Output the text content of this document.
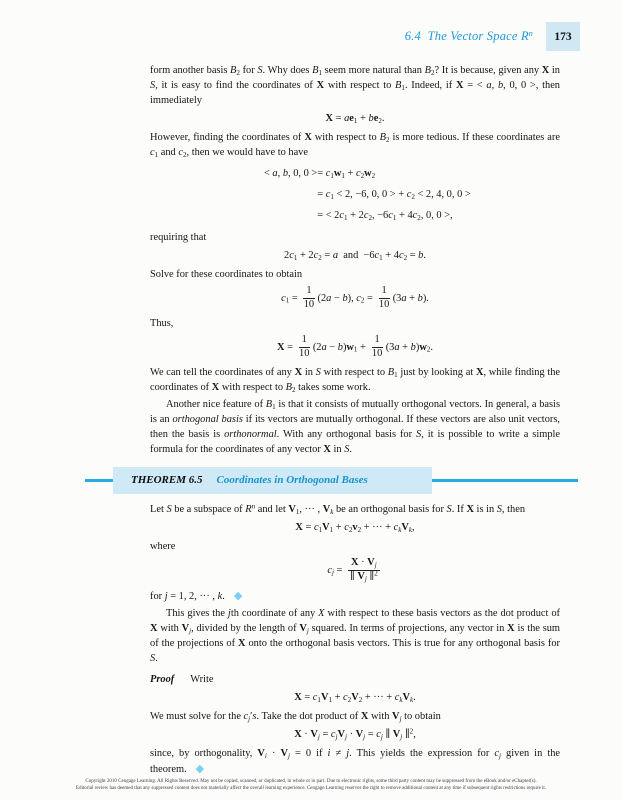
6.4  The Vector Space $R^n$	173

form another basis $B_2$ for S. Why does $B_1$ seem more natural than $B_2$? It is because, given any X in S, it is easy to find the coordinates of X with respect to $B_1$. Indeed, if X = < a, b, 0, 0 >, then immediately

$X = ae_1 + be_2$.

However, finding the coordinates of X with respect to $B_2$ is more tedious. If these coordinates are $c_1$ and $c_2$, then we would have to have

< a, b, 0, 0 > = $c_1w_1 + c_2w_2$
= $c_1 < 2$, −6, 0, 0 > + $c_2 < 2$, 4, 0, 0 >
= < $2c_1 + 2c_2$, $-6c_1 + 4c_2$, 0, 0 >,

requiring that

$2c_1 + 2c_2 = a$  and  $-6c_1 + 4c_2 = b$.

Solve for these coordinates to obtain

$c_1 = \frac{1}{10} (2a - b)$, $c_2 = \frac{1}{10} (3a + b)$.

Thus,

$X = \frac{1}{10} (2a - b)w_1 + \frac{1}{10} (3a + b)w_2$.

We can tell the coordinates of any X in S with respect to $B_1$ just by looking at X, while finding the coordinates of X with respect to $B_2$ takes some work.

Another nice feature of $B_1$ is that it consists of mutually orthogonal vectors. In general, a basis is an orthogonal basis if its vectors are mutually orthogonal. If these vectors are also unit vectors, then the basis is orthonormal. With any orthogonal basis for S, it is possible to write a simple formula for the coordinates of any vector X in S.

THEOREM 6.5 Coordinates in Orthogonal Bases

Let S be a subspace of $R^n$ and let $V_1$, ··· , $V_k$ be an orthogonal basis for S. If X is in S, then

$X = c_1V_1 + c_2v_2$ + ··· + $c_kV_k$,

where

$c_j = \frac{X \cdot V_j}{\parallel V_j \parallel^2}$

for j = 1, 2, ··· , k. ◆

This gives the jth coordinate of any X with respect to these basis vectors as the dot product of X with $V_j$, divided by the length of $V_j$ squared. In terms of projections, any vector in X is the sum of the projections of X onto the orthogonal basis vectors. This is true for any orthogonal basis for S.

Proof Write

$X = c_1V_1 + c_2V_2$ + ··· + $c_kV_k$.

We must solve for the $c_j's$. Take the dot product of X with $V_j$ to obtain

$X \cdot V_j = c_jV_j \cdot V_j = c_j$ ∥ $V_j$ ∥$^2$,

since, by orthogonality, $V_i \cdot V_j = 0$ if i ≠ j. This yields the expression for $c_j$ given in the theorem. ◆

Copyright 2010 Cengage Learning. All Rights Reserved. May not be copied, scanned, or duplicated, in whole or in part. Due to electronic rights, some third party content may be suppressed from the eBook and/or eChapter(s).
Editorial review has deemed that any suppressed content does not materially affect the overall learning experience. Cengage Learning reserves the right to remove additional content at any time if subsequent rights restrictions require it.
